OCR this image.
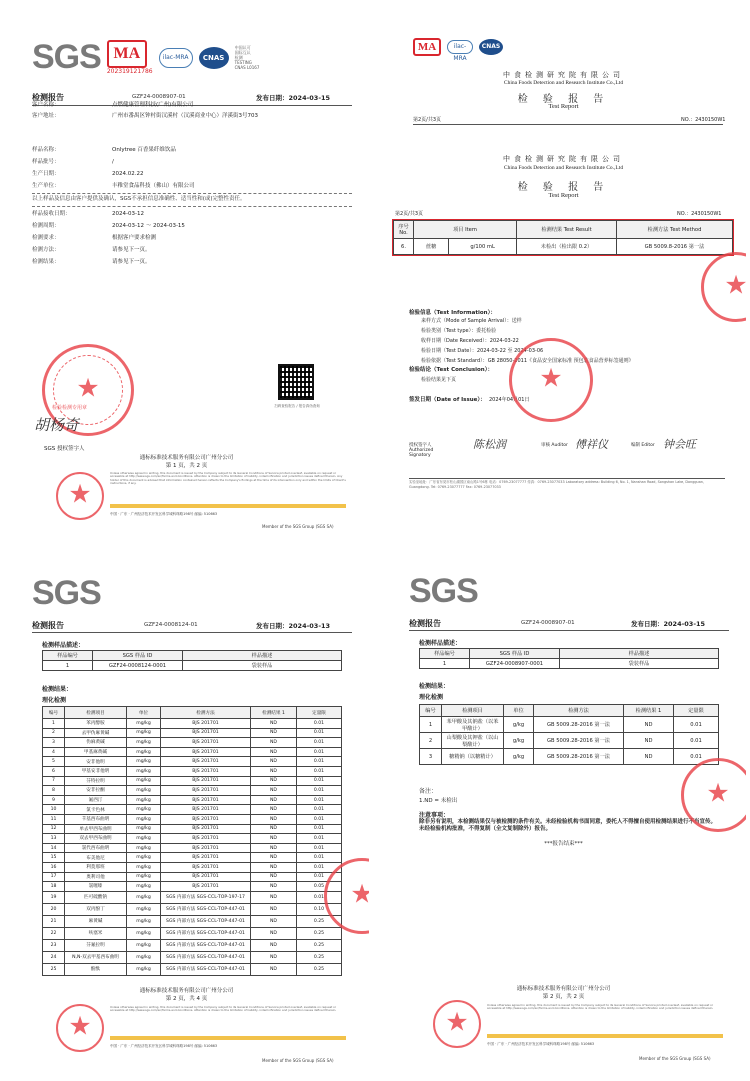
SGS MA
202319121786
ilac-MRA	CNAS
中国认可
国际互认
检测
TESTING
CNAS L0167
检测报告	GZF24-0008907-01	发布日期：2024-03-15
客户名称：	点燃健康管理科技(广州)有限公司
客户地址：	广州市番禺区钟村街汉溪村（汉溪商业中心）洋溪街3号703
样品名称：	Onlytree 百香果纤维饮品
样品批号：	/
生产日期：	2024.02.22
生产单位：	丰稚堂食品科技（佛山）有限公司
以上样品及信息由客户提供及确认，SGS不承担信息准确性、适当性和(或)完整性责任。
样品接收日期：	2024-03-12
检测周期：	2024-03-12 ～ 2024-03-15
检测要求：	根据客户要求检测
检测方法：	请参见下一页。
检测结果：	请参见下一页。
扫码查验报告 / 报告真伪查询
★
检验检测专用章
胡杨奇
SGS 授权签字人
通标标准技术服务有限公司广州分公司
第 1 页，共 2 页
Unless otherwise agreed in writing, this document is issued by the Company subject to its General Conditions of Service printed overleaf, available on request or accessible at http://www.sgs.com/en/Terms-and-Conditions. Attention is drawn to the limitation of liability, indemnification and jurisdiction issues defined therein. Any holder of this document is advised that information contained hereon reflects the Company's findings at the time of its intervention only and within the limits of Client's instructions, if any.
★
中国 · 广东 · 广州经济技术开发区科学城科珠路198号 邮编: 510663
Member of the SGS Group (SGS SA)
MA	ilac-MRA
CNAS
中食检测研究院有限公司
China Foods Detection and Research Institute Co.,Ltd
检 验 报 告
Test Report
第2页/共3页	NO.：2430150W1
中食检测研究院有限公司
China Foods Detection and Research Institute Co.,Ltd
检 验 报 告
Test Report
第2页/共3页	NO.：2430150W1
序号 No.	项目 Item		检测结果 Test Result	检测方法 Test Method
6.	蔗糖	g/100 mL	未检出（检出限 0.2）	GB 5009.8-2016 第一法
★
检验信息（Test Information）：
来样方式（Mode of Sample Arrival）：送样
检验类别（Test type）：委托检验
收样日期（Date Received）：2024-03-22
检验日期（Test Date）：2024-03-22 至 2024-03-06
检验依据（Test Standard）：GB 28050-2011《食品安全国家标准 预包装食品营养标签通则》
检验结论（Test Conclusion）：
检验结果见下页
签发日期（Date of Issue）： 2024年04月01日
★
授权签字人 Authorized Signatory
陈松润	审核 Auditor 傅祥仪	编制 Editor 钟会旺
实验室地址：广东省东莞市松山湖园区南山路1号6栋 电话：0769-23077777 传真：0769-23077033 Laboratory address: Building 6, No. 1, Nanshan Road, Songshan Lake, Dongguan, Guangdong. Tel: 0769-23077777 Fax: 0769-23077033
SGS
检测报告	GZF24-0008124-01	发布日期：2024-03-13
检测样品描述：
样品编号	SGS 样品 ID	样品描述
1	GZF24-0008124-0001	袋装样品
检测结果：
理化检测
编号	检测项目	单位	检测方法	检测结果 1	定量限
1	苯丙醇胺	mg/kg	BJS 201701	ND	0.01
2	去甲伪麻黄碱	mg/kg	BJS 201701	ND	0.01
3	伪麻黄碱	mg/kg	BJS 201701	ND	0.01
4	甲基麻黄碱	mg/kg	BJS 201701	ND	0.01
5	安非他明	mg/kg	BJS 201701	ND	0.01
6	甲基安非他明	mg/kg	BJS 201701	ND	0.01
7	芬特拉明	mg/kg	BJS 201701	ND	0.01
8	安非拉酮	mg/kg	BJS 201701	ND	0.01
9	氟西汀	mg/kg	BJS 201701	ND	0.01
10	氯卡色林	mg/kg	BJS 201701	ND	0.01
11	苄基西布曲明	mg/kg	BJS 201701	ND	0.01
12	单去甲西布曲明	mg/kg	BJS 201701	ND	0.01
13	双去甲西布曲明	mg/kg	BJS 201701	ND	0.01
14	氯代西布曲明	mg/kg	BJS 201701	ND	0.01
15	布美他尼	mg/kg	BJS 201701	ND	0.01
16	利莫那班	mg/kg	BJS 201701	ND	0.01
17	奥利司他	mg/kg	BJS 201701	ND	0.01
18	氯噻嗪	mg/kg	BJS 201701	ND	0.05
19	匹可硫酸钠	mg/kg	SGS 内部方法 SGS-CCL-TOP-197-17	ND	0.01
20	双丙酚丁	mg/kg	SGS 内部方法 SGS-CCL-TOP-447-01	ND	0.10
21	麻黄碱	mg/kg	SGS 内部方法 SGS-CCL-TOP-447-01	ND	0.25
22	呋塞米	mg/kg	SGS 内部方法 SGS-CCL-TOP-447-01	ND	0.25
23	芬氟拉明	mg/kg	SGS 内部方法 SGS-CCL-TOP-447-01	ND	0.25
24	N,N-双去甲基西布曲明	mg/kg	SGS 内部方法 SGS-CCL-TOP-447-01	ND	0.25
25	酚酞	mg/kg	SGS 内部方法 SGS-CCL-TOP-447-01	ND	0.25
★
通标标准技术服务有限公司广州分公司
第 2 页，共 4 页
Unless otherwise agreed in writing, this document is issued by the Company subject to its General Conditions of Service printed overleaf, available on request or accessible at http://www.sgs.com/en/Terms-and-Conditions. Attention is drawn to the limitation of liability, indemnification and jurisdiction issues defined therein.
★
中国 · 广东 · 广州经济技术开发区科学城科珠路198号 邮编: 510663
Member of the SGS Group (SGS SA)
SGS
检测报告	GZF24-0008907-01	发布日期：2024-03-15
检测样品描述：
样品编号	SGS 样品 ID	样品描述
1	GZF24-0008907-0001	袋装样品
检测结果：
理化检测
编号	检测项目	单位	检测方法	检测结果 1	定量限
1	苯甲酸及其钠盐（以苯甲酸计）	g/kg	GB 5009.28-2016 第一法	ND	0.01
2	山梨酸及其钾盐（以山梨酸计）	g/kg	GB 5009.28-2016 第一法	ND	0.01
3	糖精钠（以糖精计）	g/kg	GB 5009.28-2016 第一法	ND	0.01
备注：
1.ND = 未检出
注意事项：
除非另有说明，本检测结果仅与被检测的条件有关。未经检验机构书面同意，委托人不得擅自使用检测结果进行不当宣传。未经检验机构批准，不得复制（全文复制除外）报告。
***报告结束***
★
通标标准技术服务有限公司广州分公司
第 2 页，共 2 页
Unless otherwise agreed in writing, this document is issued by the Company subject to its General Conditions of Service printed overleaf, available on request or accessible at http://www.sgs.com/en/Terms-and-Conditions. Attention is drawn to the limitation of liability, indemnification and jurisdiction issues defined therein.
★
中国 · 广东 · 广州经济技术开发区科学城科珠路198号 邮编: 510663
Member of the SGS Group (SGS SA)
